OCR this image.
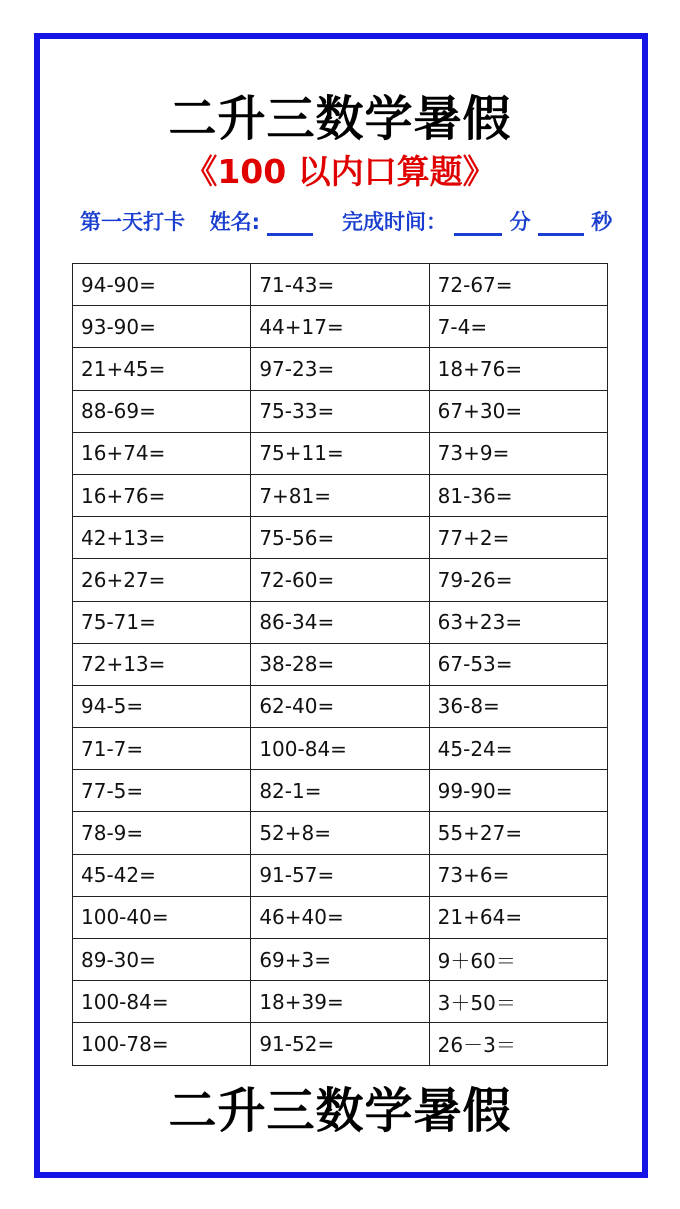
二升三数学暑假
《100 以内口算题》
第一天打卡 姓名:	完成时间：	分	秒
94-90=	71-43=	72-67=
93-90=	44+17=	7-4=
21+45=	97-23=	18+76=
88-69=	75-33=	67+30=
16+74=	75+11=	73+9=
16+76=	7+81=	81-36=
42+13=	75-56=	77+2=
26+27=	72-60=	79-26=
75-71=	86-34=	63+23=
72+13=	38-28=	67-53=
94-5=	62-40=	36-8=
71-7=	100-84=	45-24=
77-5=	82-1=	99-90=
78-9=	52+8=	55+27=
45-42=	91-57=	73+6=
100-40=	46+40=	21+64=
89-30=	69+3=	9＋60＝
100-84=	18+39=	3＋50＝
100-78=	91-52=	26－3＝
二升三数学暑假
